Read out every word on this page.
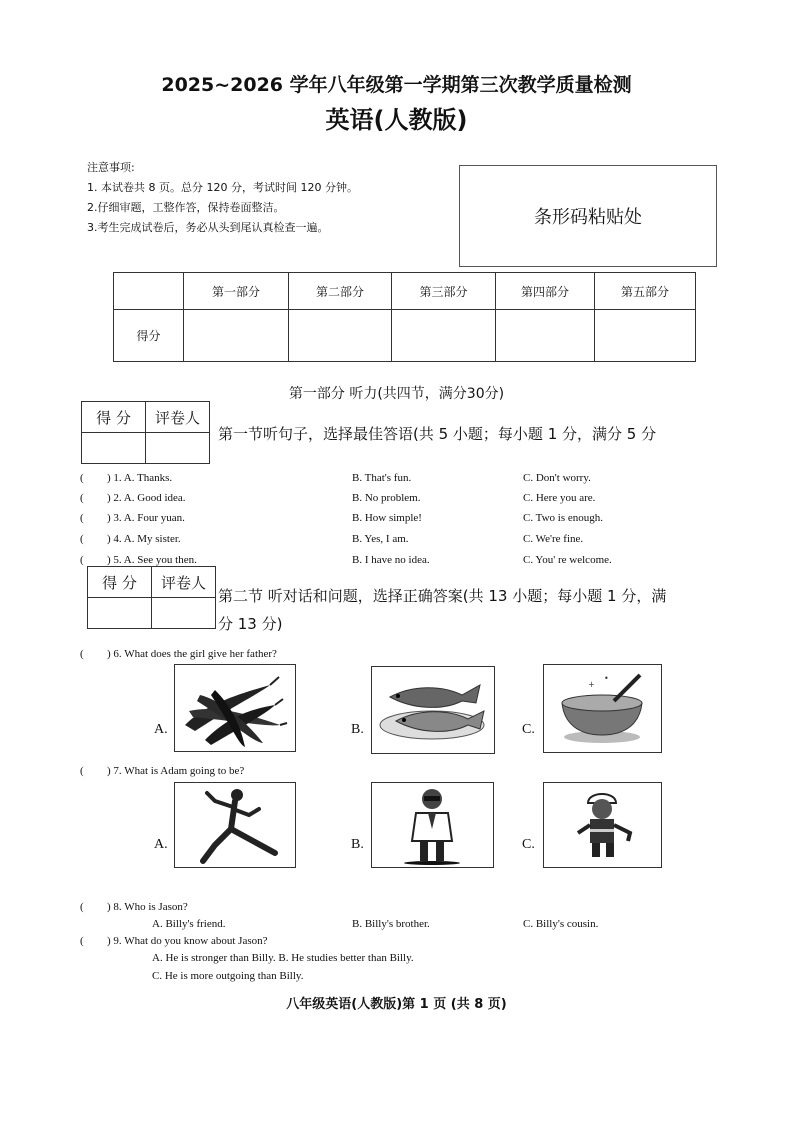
2025~2026 学年八年级第一学期第三次教学质量检测
英语(人教版)
注意事项:
1. 本试卷共 8 页。总分 120 分，考试时间 120 分钟。
2.仔细审题，工整作答，保持卷面整洁。
3.考生完成试卷后，务必从头到尾认真检查一遍。	条形码粘贴处
	第一部分	第二部分	第三部分	第四部分	第五部分
得分					
第一部分 听力(共四节，满分30分)
得 分	评卷人

第一节听句子，选择最佳答语(共 5 小题；每小题 1 分，满分 5 分
( ) 1. A. Thanks.	B. That's fun.	C. Don't worry.
( ) 2. A. Good idea.	B. No problem.	C. Here you are.
( ) 3. A. Four yuan.	B. How simple!	C. Two is enough.
( ) 4. A. My sister.	B. Yes, I am.	C. We're fine.
( ) 5. A. See you then.	B. I have no idea.	C. You' re welcome.
得 分	评卷人

第二节 听对话和问题，选择正确答案(共 13 小题；每小题 1 分，满
分 13 分)
( ) 6. What does the girl give her father?
A.	B.	C.
+
•
( ) 7. What is Adam going to be?
A.	B.	C.
( ) 8. Who is Jason?
A. Billy's friend.	B. Billy's brother.	C. Billy's cousin.
( ) 9. What do you know about Jason?
A. He is stronger than Billy. B. He studies better than Billy.
C. He is more outgoing than Billy.
八年级英语(人教版)第 1 页 (共 8 页)
